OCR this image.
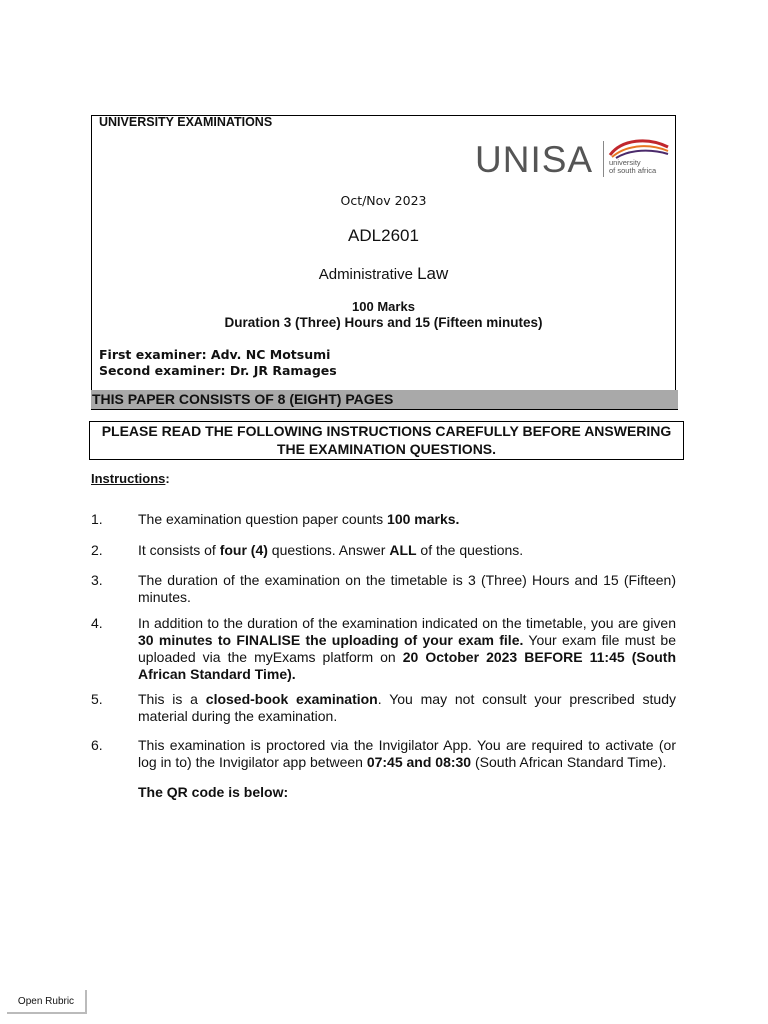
UNIVERSITY EXAMINATIONS
UNISA university
of south africa
Oct/Nov 2023
ADL2601
Administrative Law
100 Marks
Duration 3 (Three) Hours and 15 (Fifteen minutes)
First examiner: Adv. NC Motsumi
Second examiner: Dr. JR Ramages
THIS PAPER CONSISTS OF 8 (EIGHT) PAGES
PLEASE READ THE FOLLOWING INSTRUCTIONS CAREFULLY BEFORE ANSWERING
THE EXAMINATION QUESTIONS.
Instructions:
1.	The examination question paper counts 100 marks.
2.	It consists of four (4) questions. Answer ALL of the questions.
3.	The duration of the examination on the timetable is 3 (Three) Hours and 15 (Fifteen) minutes.
4.	In addition to the duration of the examination indicated on the timetable, you are given 30 minutes to FINALISE the uploading of your exam file. Your exam file must be uploaded via the myExams platform on 20 October 2023 BEFORE 11:45 (South African Standard Time).
5.	This is a closed-book examination. You may not consult your prescribed study material during the examination.
6.	This examination is proctored via the Invigilator App. You are required to activate (or log in to) the Invigilator app between 07:45 and 08:30 (South African Standard Time).
The QR code is below:
Open Rubric
